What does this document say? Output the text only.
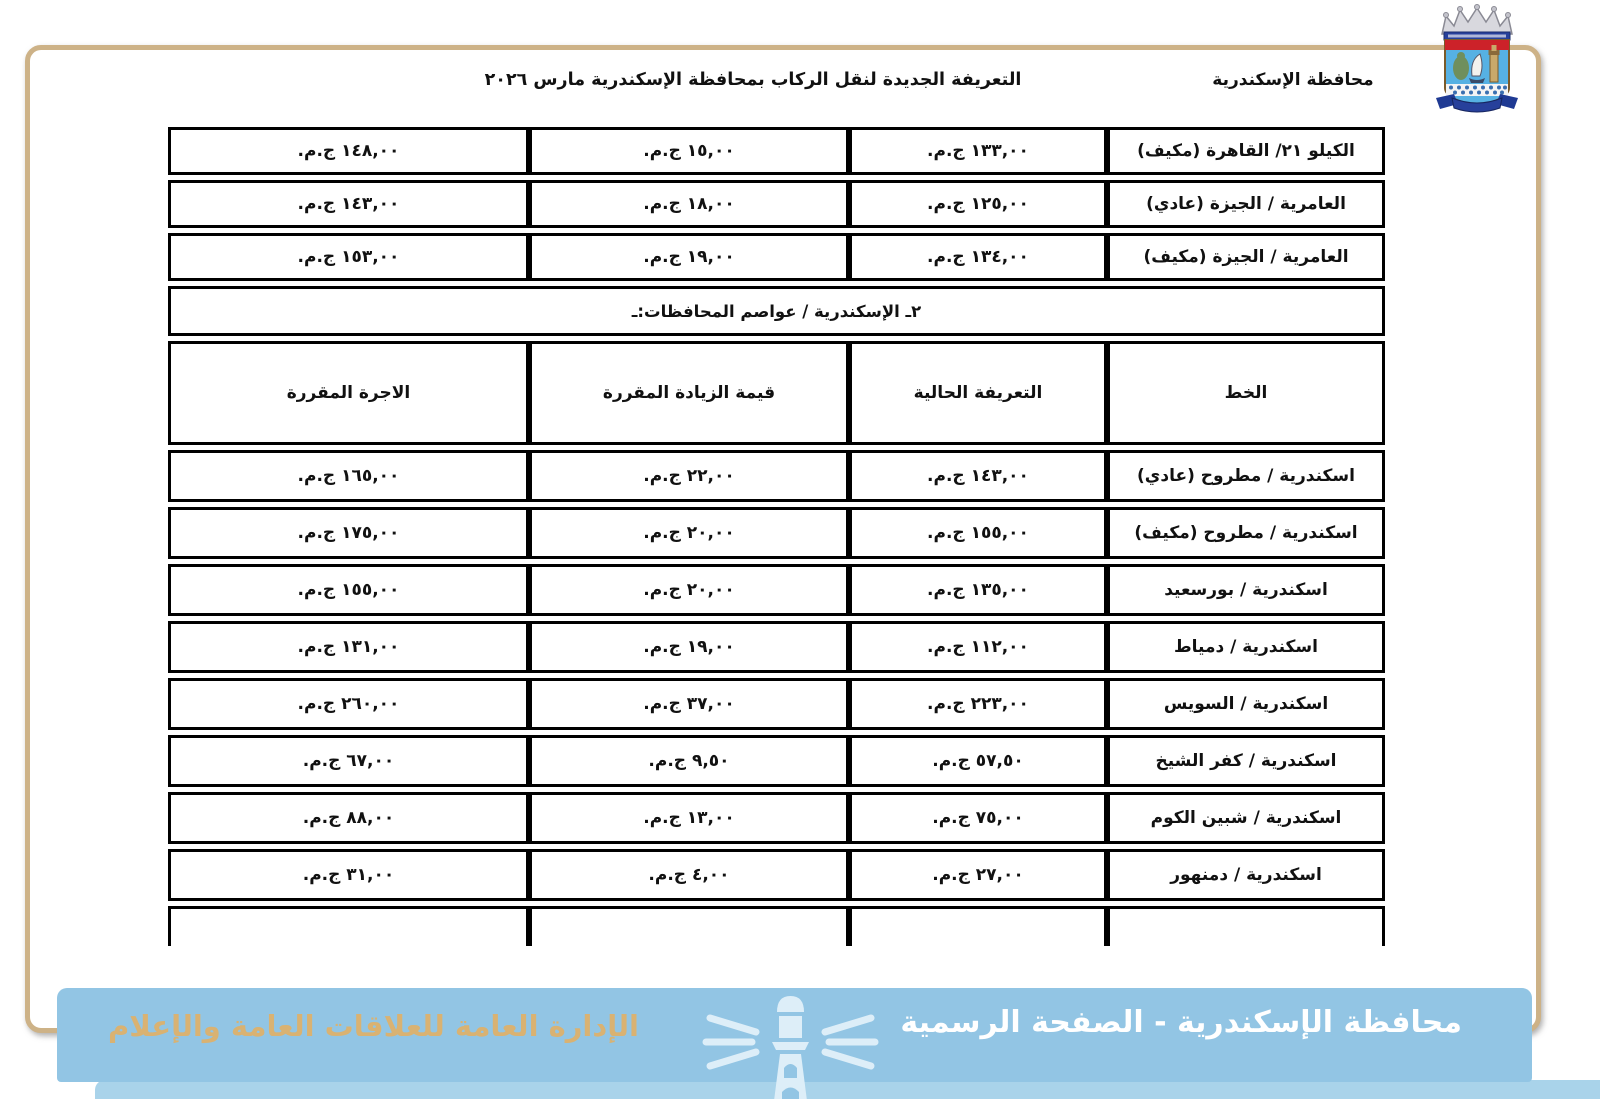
محافظة الإسكندرية
التعريفة الجديدة لنقل الركاب بمحافظة الإسكندرية مارس ٢٠٢٦
الكيلو ٢١/ القاهرة (مكيف)	١٣٣,٠٠ ج.م.	١٥,٠٠ ج.م.	١٤٨,٠٠ ج.م.
العامرية / الجيزة (عادي)	١٢٥,٠٠ ج.م.	١٨,٠٠ ج.م.	١٤٣,٠٠ ج.م.
العامرية / الجيزة (مكيف)	١٣٤,٠٠ ج.م.	١٩,٠٠ ج.م.	١٥٣,٠٠ ج.م.
٢ـ الإسكندرية / عواصم المحافظات:ـ			
الخط	التعريفة الحالية	قيمة الزيادة المقررة	الاجرة المقررة
اسكندرية / مطروح (عادي)	١٤٣,٠٠ ج.م.	٢٢,٠٠ ج.م.	١٦٥,٠٠ ج.م.
اسكندرية / مطروح (مكيف)	١٥٥,٠٠ ج.م.	٢٠,٠٠ ج.م.	١٧٥,٠٠ ج.م.
اسكندرية / بورسعيد	١٣٥,٠٠ ج.م.	٢٠,٠٠ ج.م.	١٥٥,٠٠ ج.م.
اسكندرية / دمياط	١١٢,٠٠ ج.م.	١٩,٠٠ ج.م.	١٣١,٠٠ ج.م.
اسكندرية / السويس	٢٢٣,٠٠ ج.م.	٣٧,٠٠ ج.م.	٢٦٠,٠٠ ج.م.
اسكندرية / كفر الشيخ	٥٧,٥٠ ج.م.	٩,٥٠ ج.م.	٦٧,٠٠ ج.م.
اسكندرية / شبين الكوم	٧٥,٠٠ ج.م.	١٣,٠٠ ج.م.	٨٨,٠٠ ج.م.
اسكندرية / دمنهور	٢٧,٠٠ ج.م.	٤,٠٠ ج.م.	٣١,٠٠ ج.م.

محافظة الإسكندرية - الصفحة الرسمية
الإدارة العامة للعلاقات العامة والإعلام
